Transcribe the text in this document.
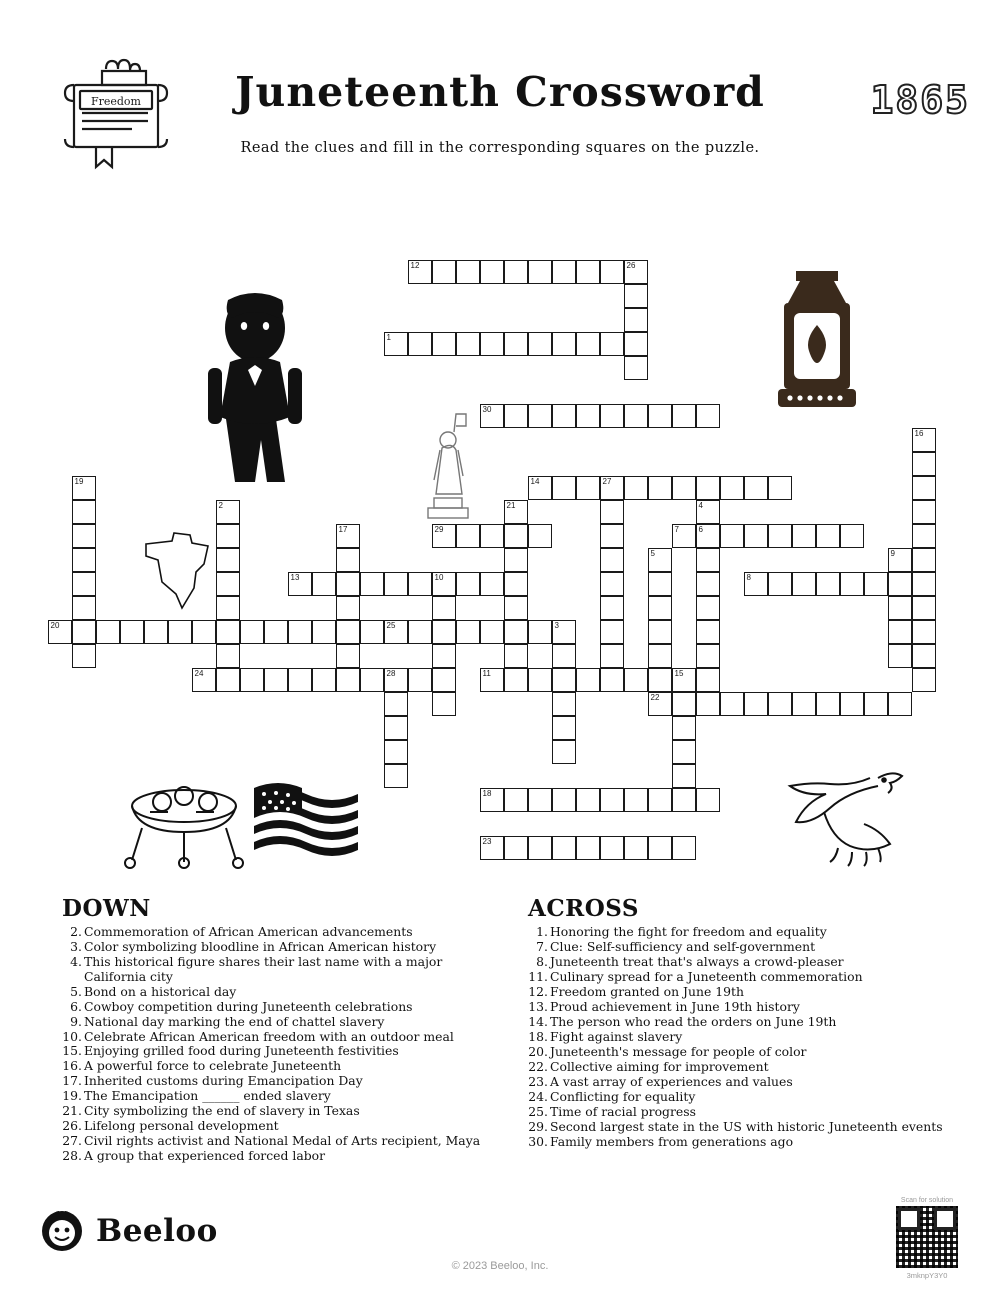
Freedom	Juneteenth Crossword
Read the clues and fill in the corresponding squares on the puzzle.
1865
12	26
1
30
16
19	14	27
2	21	4
6
17	29	7
5
22
9
13	10	8
20	25	3
24	28	11	15
18
23
DOWN
2. Commemoration of African American advancements
3. Color symbolizing bloodline in African American history
4. This historical figure shares their last name with a major California city
5. Bond on a historical day
6. Cowboy competition during Juneteenth celebrations
9. National day marking the end of chattel slavery
10. Celebrate African American freedom with an outdoor meal
15. Enjoying grilled food during Juneteenth festivities
16. A powerful force to celebrate Juneteenth
17. Inherited customs during Emancipation Day
19. The Emancipation ______ ended slavery
21. City symbolizing the end of slavery in Texas
26. Lifelong personal development
27. Civil rights activist and National Medal of Arts recipient, Maya
28. A group that experienced forced labor
ACROSS
1. Honoring the fight for freedom and equality
7. Clue: Self-sufficiency and self-government
8. Juneteenth treat that's always a crowd-pleaser
11. Culinary spread for a Juneteenth commemoration
12. Freedom granted on June 19th
13. Proud achievement in June 19th history
14. The person who read the orders on June 19th
18. Fight against slavery
20. Juneteenth's message for people of color
22. Collective aiming for improvement
23. A vast array of experiences and values
24. Conflicting for equality
25. Time of racial progress
29. Second largest state in the US with historic Juneteenth events
30. Family members from generations ago
Beeloo
© 2023 Beeloo, Inc.
Scan for solution
3mknpY3Y0
